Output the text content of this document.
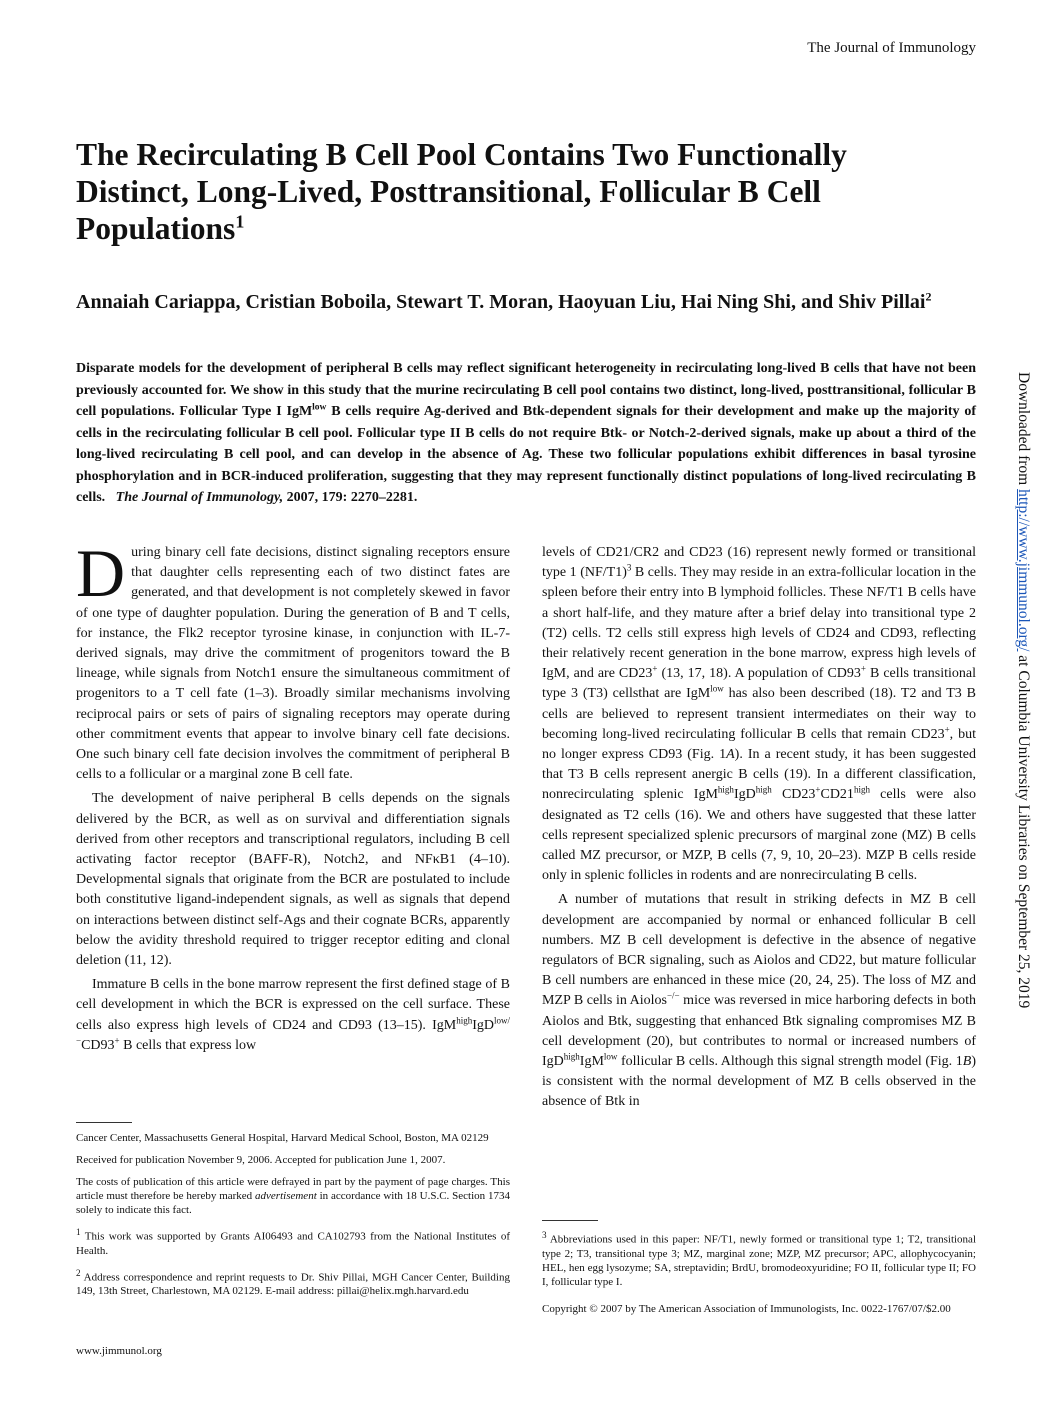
The Journal of Immunology
The Recirculating B Cell Pool Contains Two Functionally Distinct, Long-Lived, Posttransitional, Follicular B Cell Populations$^1$
Annaiah Cariappa, Cristian Boboila, Stewart T. Moran, Haoyuan Liu, Hai Ning Shi, and Shiv Pillai$^2$

Disparate models for the development of peripheral B cells may reflect significant heterogeneity in recirculating long-lived B cells that have not been previously accounted for. We show in this study that the murine recirculating B cell pool contains two distinct, long-lived, posttransitional, follicular B cell populations. Follicular Type I IgM$^{low}$ B cells require Ag-derived and Btk-dependent signals for their development and make up the majority of cells in the recirculating follicular B cell pool. Follicular type II B cells do not require Btk- or Notch-2-derived signals, make up about a third of the long-lived recirculating B cell pool, and can develop in the absence of Ag. These two follicular populations exhibit differences in basal tyrosine phosphorylation and in BCR-induced proliferation, suggesting that they may represent functionally distinct populations of long-lived recirculating B cells. The Journal of Immunology, 2007, 179: 2270–2281.

During binary cell fate decisions, distinct signaling receptors ensure that daughter cells representing each of two distinct fates are generated, and that development is not completely skewed in favor of one type of daughter population. During the generation of B and T cells, for instance, the Flk2 receptor tyrosine kinase, in conjunction with IL-7-derived signals, may drive the commitment of progenitors toward the B lineage, while signals from Notch1 ensure the simultaneous commitment of progenitors to a T cell fate (1–3). Broadly similar mechanisms involving reciprocal pairs or sets of pairs of signaling receptors may operate during other commitment events that appear to involve binary cell fate decisions. One such binary cell fate decision involves the commitment of peripheral B cells to a follicular or a marginal zone B cell fate.

The development of naive peripheral B cells depends on the signals delivered by the BCR, as well as on survival and differentiation signals derived from other receptors and transcriptional regulators, including B cell activating factor receptor (BAFF-R), Notch2, and NFκB1 (4–10). Developmental signals that originate from the BCR are postulated to include both constitutive ligand-independent signals, as well as signals that depend on interactions between distinct self-Ags and their cognate BCRs, apparently below the avidity threshold required to trigger receptor editing and clonal deletion (11, 12).

Immature B cells in the bone marrow represent the first defined stage of B cell development in which the BCR is expressed on the cell surface. These cells also express high levels of CD24 and CD93 (13–15). IgM$^{high}$IgD$^{low/-}$CD93+ B cells that express low

levels of CD21/CR2 and CD23 (16) represent newly formed or transitional type 1 $(NF/T1)^3$ B cells. They may reside in an extra-follicular location in the spleen before their entry into B lymphoid follicles. These NF/T1 B cells have a short half-life, and they mature after a brief delay into transitional type 2 (T2) cells. T2 cells still express high levels of CD24 and CD93, reflecting their relatively recent generation in the bone marrow, express high levels of IgM, and are CD23+ (13, 17, 18). A population of CD93+ B cells transitional type 3 (T3) cellsthat are IgM$^{low}$ has also been described (18). T2 and T3 B cells are believed to represent transient intermediates on their way to becoming long-lived recirculating follicular B cells that remain CD23+, but no longer express CD93 (Fig. 1A). In a recent study, it has been suggested that T3 B cells represent anergic B cells (19). In a different classification, nonrecirculating splenic IgM$^{high}$IgD$^{high}$ $CD23^+CD21^{high}$ cells were also designated as T2 cells (16). We and others have suggested that these latter cells represent specialized splenic precursors of marginal zone (MZ) B cells called MZ precursor, or MZP, B cells (7, 9, 10, 20–23). MZP B cells reside only in splenic follicles in rodents and are nonrecirculating B cells.

A number of mutations that result in striking defects in MZ B cell development are accompanied by normal or enhanced follicular B cell numbers. MZ B cell development is defective in the absence of negative regulators of BCR signaling, such as Aiolos and CD22, but mature follicular B cell numbers are enhanced in these mice (20, 24, 25). The loss of MZ and MZP B cells in Aiolos−/− mice was reversed in mice harboring defects in both Aiolos and Btk, suggesting that enhanced Btk signaling compromises MZ B cell development (20), but contributes to normal or increased numbers of IgD$^{high}$IgM$^{low}$ follicular B cells. Although this signal strength model (Fig. 1B) is consistent with the normal development of MZ B cells observed in the absence of Btk in

Cancer Center, Massachusetts General Hospital, Harvard Medical School, Boston, MA 02129

Received for publication November 9, 2006. Accepted for publication June 1, 2007.

The costs of publication of this article were defrayed in part by the payment of page charges. This article must therefore be hereby marked advertisement in accordance with 18 U.S.C. Section 1734 solely to indicate this fact.

$^1$ This work was supported by Grants AI06493 and CA102793 from the National Institutes of Health.

$^2$ Address correspondence and reprint requests to Dr. Shiv Pillai, MGH Cancer Center, Building 149, 13th Street, Charlestown, MA 02129. E-mail address: pillai@helix.mgh.harvard.edu

$^3$ Abbreviations used in this paper: NF/T1, newly formed or transitional type 1; T2, transitional type 2; T3, transitional type 3; MZ, marginal zone; MZP, MZ precursor; APC, allophycocyanin; HEL, hen egg lysozyme; SA, streptavidin; BrdU, bromodeoxyuridine; FO II, follicular type II; FO I, follicular type I.
Copyright © 2007 by The American Association of Immunologists, Inc. 0022-1767/07/$2.00
www.jimmunol.org
Downloaded from http://www.jimmunol.org/ at Columbia University Libraries on September 25, 2019
